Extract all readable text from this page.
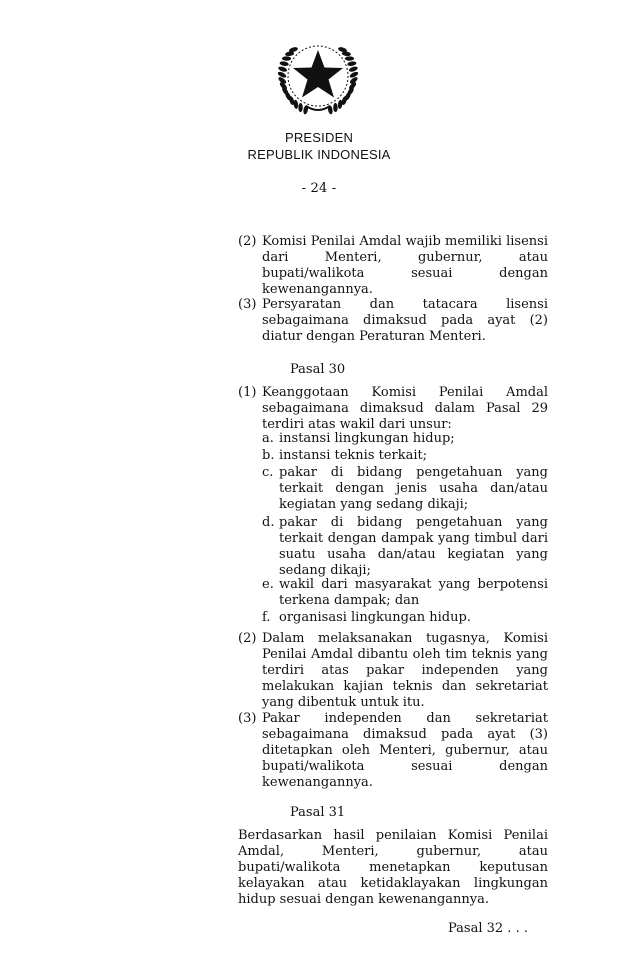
PRESIDEN
REPUBLIK INDONESIA
- 24 -
(2) Komisi Penilai Amdal wajib memiliki lisensi dari Menteri, gubernur, atau bupati/walikota sesuai dengan kewenangannya.
(3) Persyaratan dan tatacara lisensi sebagaimana dimaksud pada ayat (2) diatur dengan Peraturan Menteri.
Pasal 30
(1) Keanggotaan Komisi Penilai Amdal sebagaimana dimaksud dalam Pasal 29 terdiri atas wakil dari unsur:
a. instansi lingkungan hidup;
b. instansi teknis terkait;
c. pakar di bidang pengetahuan yang terkait dengan jenis usaha dan/atau kegiatan yang sedang dikaji;
d. pakar di bidang pengetahuan yang terkait dengan dampak yang timbul dari suatu usaha dan/atau kegiatan yang sedang dikaji;
e. wakil dari masyarakat yang berpotensi terkena dampak; dan
f. organisasi lingkungan hidup.
(2) Dalam melaksanakan tugasnya, Komisi Penilai Amdal dibantu oleh tim teknis yang terdiri atas pakar independen yang melakukan kajian teknis dan sekretariat yang dibentuk untuk itu.
(3) Pakar independen dan sekretariat sebagaimana dimaksud pada ayat (3) ditetapkan oleh Menteri, gubernur, atau bupati/walikota sesuai dengan kewenangannya.
Pasal 31
Berdasarkan hasil penilaian Komisi Penilai Amdal, Menteri, gubernur, atau bupati/walikota menetapkan keputusan kelayakan atau ketidaklayakan lingkungan hidup sesuai dengan kewenangannya.
Pasal 32 . . .
